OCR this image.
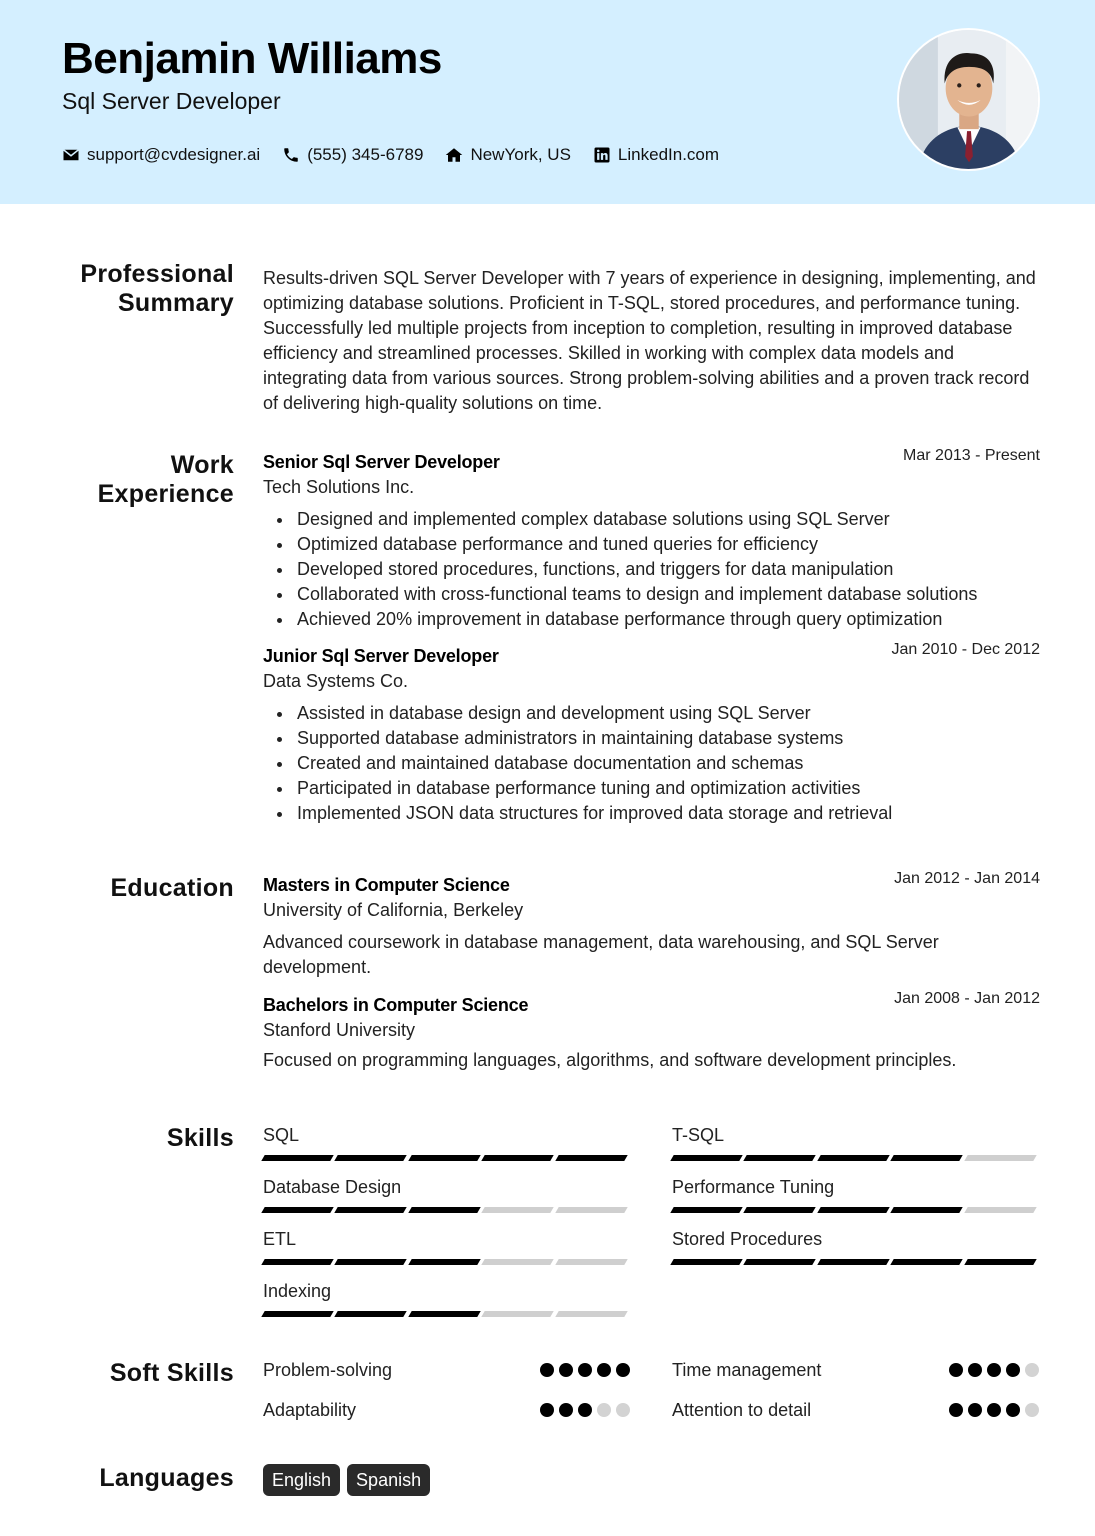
Benjamin Williams
Sql Server Developer
support@cvdesigner.ai	(555) 345-6789	NewYork, US	LinkedIn.com
Professional Summary
Results-driven SQL Server Developer with 7 years of experience in designing, implementing, and optimizing database solutions. Proficient in T-SQL, stored procedures, and performance tuning. Successfully led multiple projects from inception to completion, resulting in improved database efficiency and streamlined processes. Skilled in working with complex data models and integrating data from various sources. Strong problem-solving abilities and a proven track record of delivering high-quality solutions on time.
Work Experience
Senior Sql Server Developer	Mar 2013 - Present
Tech Solutions Inc.
Designed and implemented complex database solutions using SQL Server
Optimized database performance and tuned queries for efficiency
Developed stored procedures, functions, and triggers for data manipulation
Collaborated with cross-functional teams to design and implement database solutions
Achieved 20% improvement in database performance through query optimization
Junior Sql Server Developer	Jan 2010 - Dec 2012
Data Systems Co.
Assisted in database design and development using SQL Server
Supported database administrators in maintaining database systems
Created and maintained database documentation and schemas
Participated in database performance tuning and optimization activities
Implemented JSON data structures for improved data storage and retrieval
Education Masters in Computer Science	Jan 2012 - Jan 2014
University of California, Berkeley
Advanced coursework in database management, data warehousing, and SQL Server development.
Bachelors in Computer Science	Jan 2008 - Jan 2012
Stanford University
Focused on programming languages, algorithms, and software development principles.
Skills SQL	T-SQL
Database Design	Performance Tuning
ETL	Stored Procedures
Indexing
Soft Skills Problem-solving	Time management
Adaptability	Attention to detail
Languages	English	Spanish
